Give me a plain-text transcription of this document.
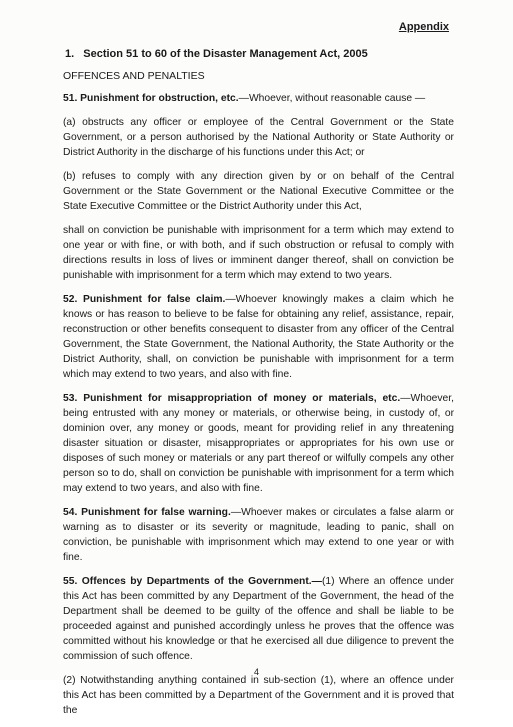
Appendix
1. Section 51 to 60 of the Disaster Management Act, 2005
OFFENCES AND PENALTIES

51. Punishment for obstruction, etc.—Whoever, without reasonable cause —

(a) obstructs any officer or employee of the Central Government or the State Government, or a person authorised by the National Authority or State Authority or District Authority in the discharge of his functions under this Act; or

(b) refuses to comply with any direction given by or on behalf of the Central Government or the State Government or the National Executive Committee or the State Executive Committee or the District Authority under this Act,

shall on conviction be punishable with imprisonment for a term which may extend to one year or with fine, or with both, and if such obstruction or refusal to comply with directions results in loss of lives or imminent danger thereof, shall on conviction be punishable with imprisonment for a term which may extend to two years.

52. Punishment for false claim.—Whoever knowingly makes a claim which he knows or has reason to believe to be false for obtaining any relief, assistance, repair, reconstruction or other benefits consequent to disaster from any officer of the Central Government, the State Government, the National Authority, the State Authority or the District Authority, shall, on conviction be punishable with imprisonment for a term which may extend to two years, and also with fine.

53. Punishment for misappropriation of money or materials, etc.—Whoever, being entrusted with any money or materials, or otherwise being, in custody of, or dominion over, any money or goods, meant for providing relief in any threatening disaster situation or disaster, misappropriates or appropriates for his own use or disposes of such money or materials or any part thereof or wilfully compels any other person so to do, shall on conviction be punishable with imprisonment for a term which may extend to two years, and also with fine.

54. Punishment for false warning.—Whoever makes or circulates a false alarm or warning as to disaster or its severity or magnitude, leading to panic, shall on conviction, be punishable with imprisonment which may extend to one year or with fine.

55. Offences by Departments of the Government.—(1) Where an offence under this Act has been committed by any Department of the Government, the head of the Department shall be deemed to be guilty of the offence and shall be liable to be proceeded against and punished accordingly unless he proves that the offence was committed without his knowledge or that he exercised all due diligence to prevent the commission of such offence.

(2) Notwithstanding anything contained in sub-section (1), where an offence under this Act has been committed by a Department of the Government and it is proved that the

4
